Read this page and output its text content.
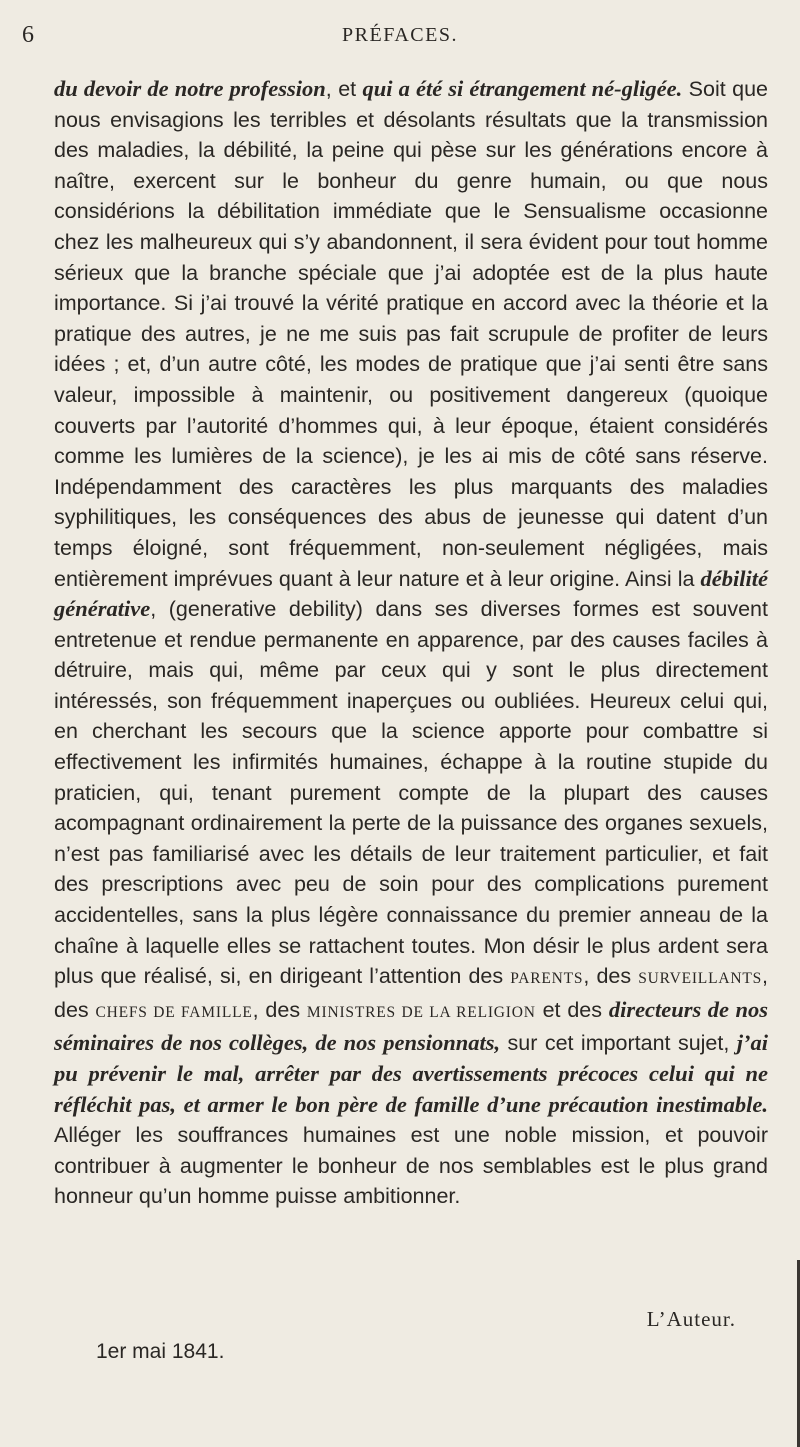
6	PRÉFACES.

du devoir de notre profession, et qui a été si étrangement né-gligée. Soit que nous envisagions les terribles et désolants résultats que la transmission des maladies, la débilité, la peine qui pèse sur les générations encore à naître, exercent sur le bonheur du genre humain, ou que nous considérions la débilitation immédiate que le Sensualisme occasionne chez les malheureux qui s’y abandonnent, il sera évident pour tout homme sérieux que la branche spéciale que j’ai adoptée est de la plus haute importance. Si j’ai trouvé la vérité pratique en accord avec la théorie et la pratique des autres, je ne me suis pas fait scrupule de profiter de leurs idées ; et, d’un autre côté, les modes de pratique que j’ai senti être sans valeur, impossible à maintenir, ou positivement dangereux (quoique couverts par l’autorité d’hommes qui, à leur époque, étaient considérés comme les lumières de la science), je les ai mis de côté sans réserve. Indépendamment des caractères les plus marquants des maladies syphilitiques, les conséquences des abus de jeunesse qui datent d’un temps éloigné, sont fréquemment, non-seulement négligées, mais entièrement imprévues quant à leur nature et à leur origine. Ainsi la débilité générative, (generative debility) dans ses diverses formes est souvent entretenue et rendue permanente en apparence, par des causes faciles à détruire, mais qui, même par ceux qui y sont le plus directement intéressés, son fréquemment inaperçues ou oubliées. Heureux celui qui, en cherchant les secours que la science apporte pour combattre si effectivement les infirmités humaines, échappe à la routine stupide du praticien, qui, tenant purement compte de la plupart des causes acompagnant ordinairement la perte de la puissance des organes sexuels, n’est pas familiarisé avec les détails de leur traitement particulier, et fait des prescriptions avec peu de soin pour des complications purement accidentelles, sans la plus légère connaissance du premier anneau de la chaîne à laquelle elles se rattachent toutes. Mon désir le plus ardent sera plus que réalisé, si, en dirigeant l’attention des PARENTS, des SURVEILLANTS, des CHEFS DE FAMILLE, des MINISTRES DE LA RELIGION et des directeurs de nos séminaires de nos collèges, de nos pensionnats, sur cet important sujet, j’ai pu prévenir le mal, arrêter par des avertissements précoces celui qui ne réfléchit pas, et armer le bon père de famille d’une précaution inestimable. Alléger les souffrances humaines est une noble mission, et pouvoir contribuer à augmenter le bonheur de nos semblables est le plus grand honneur qu’un homme puisse ambitionner.

L’Auteur.
1er mai 1841.
